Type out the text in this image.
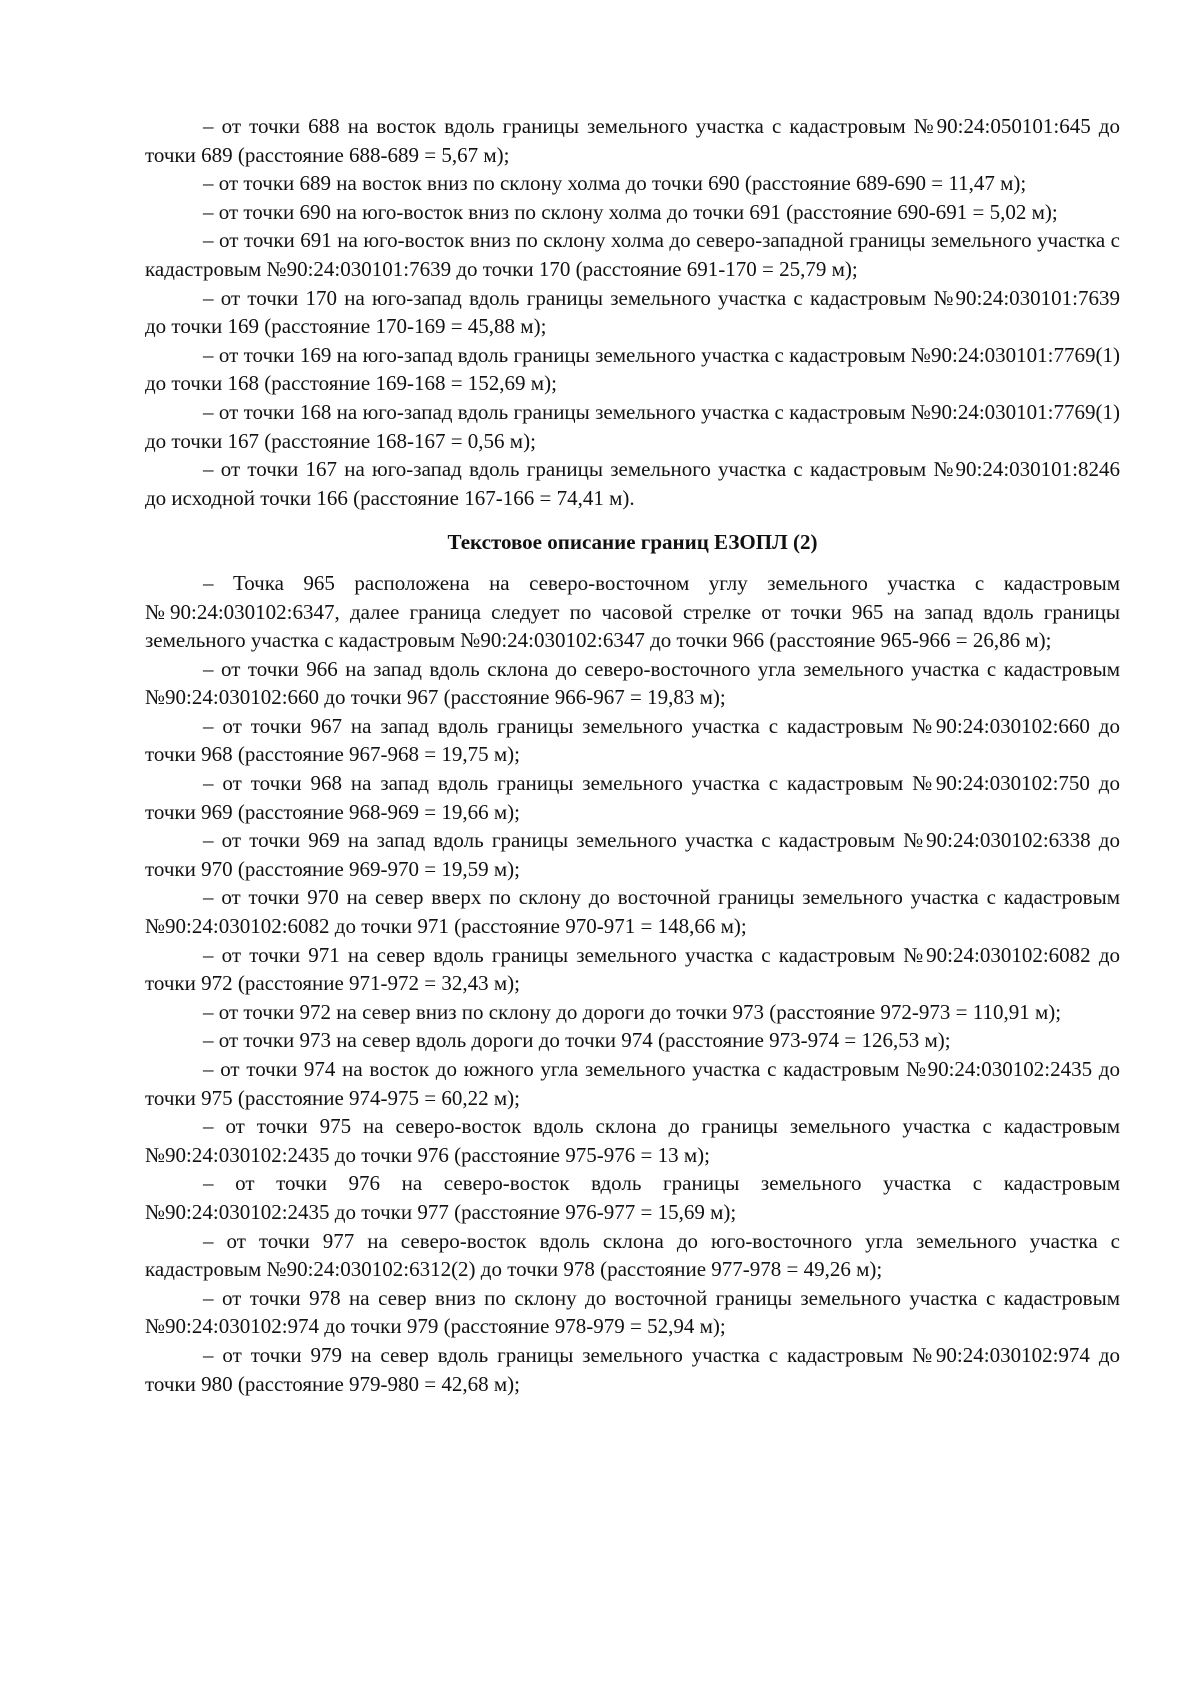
– от точки 688 на восток вдоль границы земельного участка с кадастровым №90:24:050101:645 до точки 689 (расстояние 688-689 = 5,67 м);

– от точки 689 на восток вниз по склону холма до точки 690 (расстояние 689-690 = 11,47 м);

– от точки 690 на юго-восток вниз по склону холма до точки 691 (расстояние 690-691 = 5,02 м);

– от точки 691 на юго-восток вниз по склону холма до северо-западной границы земельного участка с кадастровым №90:24:030101:7639 до точки 170 (расстояние 691-170 = 25,79 м);

– от точки 170 на юго-запад вдоль границы земельного участка с кадастровым №90:24:030101:7639 до точки 169 (расстояние 170-169 = 45,88 м);

– от точки 169 на юго-запад вдоль границы земельного участка с кадастровым №90:24:030101:7769(1) до точки 168 (расстояние 169-168 = 152,69 м);

– от точки 168 на юго-запад вдоль границы земельного участка с кадастровым №90:24:030101:7769(1) до точки 167 (расстояние 168-167 = 0,56 м);

– от точки 167 на юго-запад вдоль границы земельного участка с кадастровым №90:24:030101:8246 до исходной точки 166 (расстояние 167-166 = 74,41 м).

Текстовое описание границ ЕЗОПЛ (2)

– Точка 965 расположена на северо-восточном углу земельного участка с кадастровым №90:24:030102:6347, далее граница следует по часовой стрелке от точки 965 на запад вдоль границы земельного участка с кадастровым №90:24:030102:6347 до точки 966 (расстояние 965-966 = 26,86 м);

– от точки 966 на запад вдоль склона до северо-восточного угла земельного участка с кадастровым №90:24:030102:660 до точки 967 (расстояние 966-967 = 19,83 м);

– от точки 967 на запад вдоль границы земельного участка с кадастровым №90:24:030102:660 до точки 968 (расстояние 967-968 = 19,75 м);

– от точки 968 на запад вдоль границы земельного участка с кадастровым №90:24:030102:750 до точки 969 (расстояние 968-969 = 19,66 м);

– от точки 969 на запад вдоль границы земельного участка с кадастровым №90:24:030102:6338 до точки 970 (расстояние 969-970 = 19,59 м);

– от точки 970 на север вверх по склону до восточной границы земельного участка с кадастровым №90:24:030102:6082 до точки 971 (расстояние 970-971 = 148,66 м);

– от точки 971 на север вдоль границы земельного участка с кадастровым №90:24:030102:6082 до точки 972 (расстояние 971-972 = 32,43 м);

– от точки 972 на север вниз по склону до дороги до точки 973 (расстояние 972-973 = 110,91 м);

– от точки 973 на север вдоль дороги до точки 974 (расстояние 973-974 = 126,53 м);

– от точки 974 на восток до южного угла земельного участка с кадастровым №90:24:030102:2435 до точки 975 (расстояние 974-975 = 60,22 м);

– от точки 975 на северо-восток вдоль склона до границы земельного участка с кадастровым №90:24:030102:2435 до точки 976 (расстояние 975-976 = 13 м);

– от точки 976 на северо-восток вдоль границы земельного участка с кадастровым №90:24:030102:2435 до точки 977 (расстояние 976-977 = 15,69 м);

– от точки 977 на северо-восток вдоль склона до юго-восточного угла земельного участка с кадастровым №90:24:030102:6312(2) до точки 978 (расстояние 977-978 = 49,26 м);

– от точки 978 на север вниз по склону до восточной границы земельного участка с кадастровым №90:24:030102:974 до точки 979 (расстояние 978-979 = 52,94 м);

– от точки 979 на север вдоль границы земельного участка с кадастровым №90:24:030102:974 до точки 980 (расстояние 979-980 = 42,68 м);
